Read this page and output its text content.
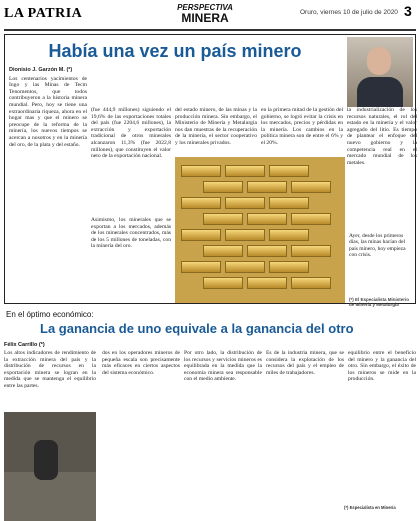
LA PATRIA	PERSPECTIVA
MINERA	Oruro, viernes 10 de julio de 2020 3
Había una vez un país minero
Dionisio J. Garzón M. (*)
Los centenarios yacimientos de Ingo y las Minas de Tecm Tenomentos, que todos contribuyeron a la historia minera mundial. Pero, hoy se tiene una extraordinaria riqueza, ahora en el hogar mas y que el minero se preocupe de la reforma de la minería, los nuevos tiempos se acercan a nosotros y en la minería del oro, de la plata y del estaño.
(fue 444,9 millones) siguiendo el 19,6% de las exportaciones totales del país (fue 2204,6 millones), la extracción y exportación tradicional de otros minerales alcanzaron 11,3% (fue 2022,8 millones), que constituyen el valor neto de la exportación nacional.
del estado minero, de las minas y la producción minera. Sin embargo, el Ministerio de Minería y Metalurgia nos dan muestras de la recuperación de la minería, el sector cooperativo y los minerales privados.
en la primera mitad de la gestión del gobierno, se logró evitar la crisis en los mercados, precios y pérdidas en la minería. Los cambios en la política minera son de entre el 6% y el 20%.
la industrialización de los recursos naturales, el rol del estado en la minería y el valor agregado del litio. Es tiempo de plantear el enfoque del nuevo gobierno y la competencia real en el mercado mundial de los metales.
Asimismo, los minerales que se exportan a los mercados, además de los minerales concentrados, más de los 5 millones de toneladas, con la minería del oro.
Ayer, desde los primeros días, las minas hacían del país minero, hoy empieza con crisis.
(*) El Especialista Ministerio de Minería y Metalurgia
En el óptimo económico:
La ganancia de uno equivale a la ganancia del otro
Félix Carrillo (*)
Los altos indicadores de rendimiento de la extracción minera del país y la distribución de recursos en la exportación minera se logran en la medida que se mantenga el equilibrio entre las partes.
dos en los operadores mineros de pequeña escala son precisamente más eficaces en ciertos aspectos del sistema económico.
Por otro lado, la distribución de los recursos y servicios mineros es equilibrada en la medida que la economía minera sea responsable con el medio ambiente.
Es de la industria minera, que se considera la explotación de los recursos del país y el empleo de miles de trabajadores.
equilibrio entre el beneficio del minero y la ganancia del otro. Sin embargo, el éxito de los mineros se mide en la producción.
(*) Especialista en Minería
